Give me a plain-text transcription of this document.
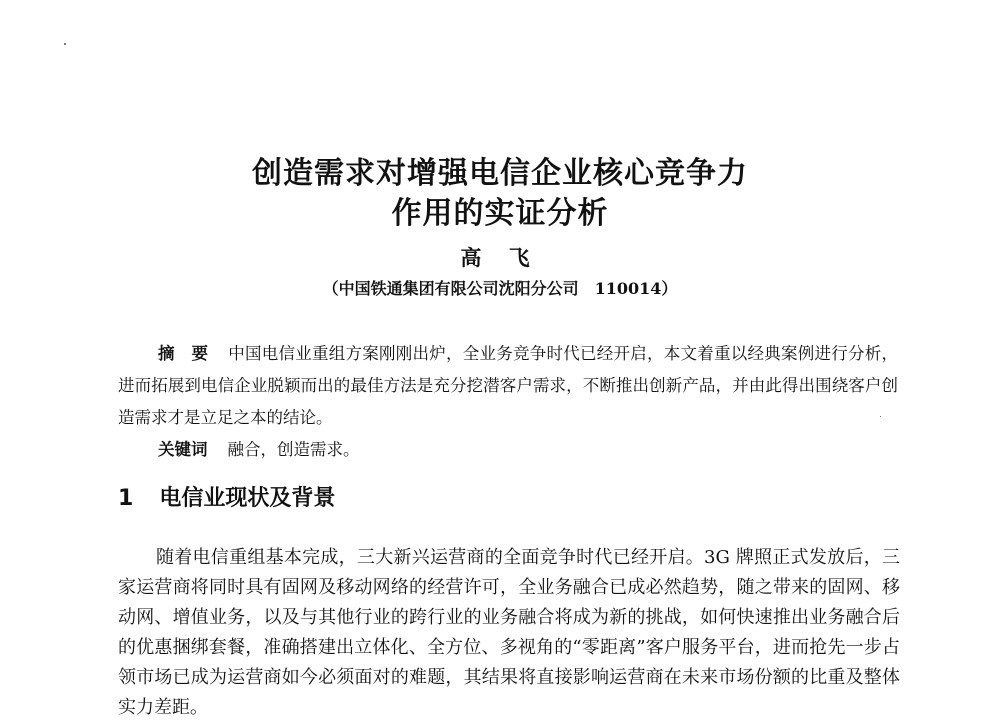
创造需求对增强电信企业核心竞争力
作用的实证分析
高 飞
（中国铁通集团有限公司沈阳分公司　110014）
摘　要 中国电信业重组方案刚刚出炉，全业务竞争时代已经开启，本文着重以经典案例进行分析，进而拓展到电信企业脱颖而出的最佳方法是充分挖潜客户需求，不断推出创新产品，并由此得出围绕客户创造需求才是立足之本的结论。
关键词 融合，创造需求。
1 电信业现状及背景
随着电信重组基本完成，三大新兴运营商的全面竞争时代已经开启。3G 牌照正式发放后，三家运营商将同时具有固网及移动网络的经营许可，全业务融合已成必然趋势，随之带来的固网、移动网、增值业务，以及与其他行业的跨行业的业务融合将成为新的挑战，如何快速推出业务融合后的优惠捆绑套餐，准确搭建出立体化、全方位、多视角的“零距离”客户服务平台，进而抢先一步占领市场已成为运营商如今必须面对的难题，其结果将直接影响运营商在未来市场份额的比重及整体实力差距。
